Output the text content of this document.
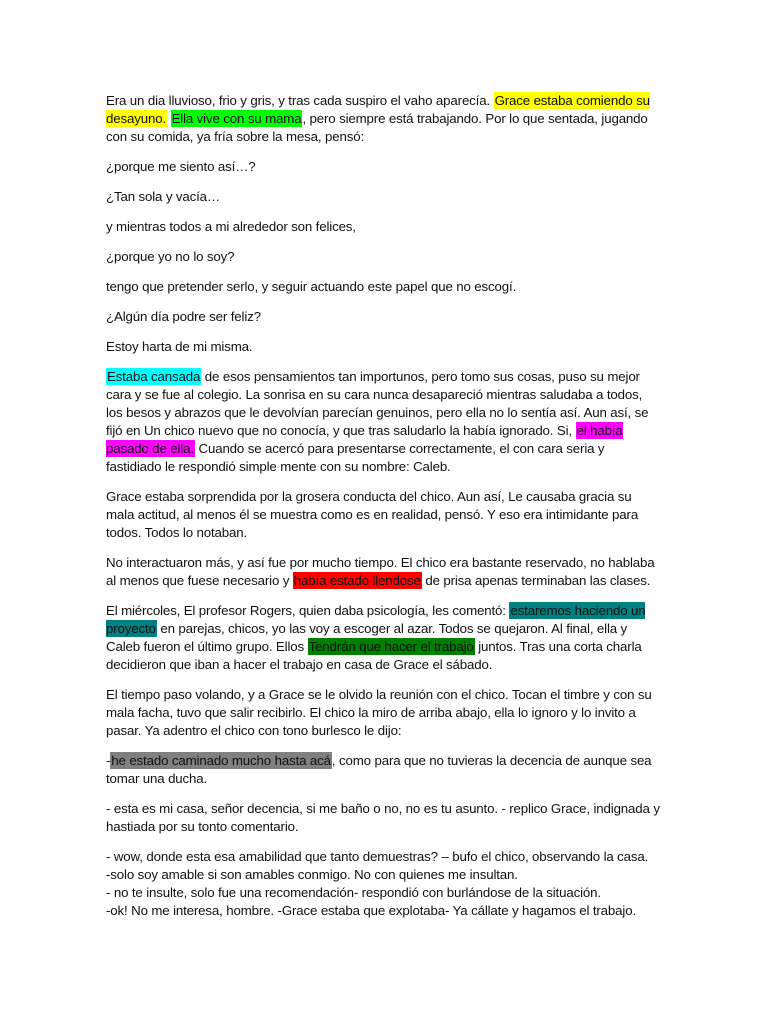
Era un dia lluvioso, frio y gris, y tras cada suspiro el vaho aparecía. Grace estaba comiendo su desayuno. Ella vive con su mama, pero siempre está trabajando. Por lo que sentada, jugando con su comida, ya fría sobre la mesa, pensó:

¿porque me siento así…?

¿Tan sola y vacía…

y mientras todos a mi alrededor son felices,

¿porque yo no lo soy?

tengo que pretender serlo, y seguir actuando este papel que no escogí.

¿Algún día podre ser feliz?

Estoy harta de mi misma.

Estaba cansada de esos pensamientos tan importunos, pero tomo sus cosas, puso su mejor cara y se fue al colegio. La sonrisa en su cara nunca desapareció mientras saludaba a todos, los besos y abrazos que le devolvían parecían genuinos, pero ella no lo sentía así. Aun así, se fijó en Un chico nuevo que no conocía, y que tras saludarlo la había ignorado. Si, el había pasado de ella. Cuando se acercó para presentarse correctamente, el con cara seria y fastidiado le respondió simple mente con su nombre: Caleb.

Grace estaba sorprendida por la grosera conducta del chico. Aun así, Le causaba gracia su mala actitud, al menos él se muestra como es en realidad, pensó. Y eso era intimidante para todos. Todos lo notaban.

No interactuaron más, y así fue por mucho tiempo. El chico era bastante reservado, no hablaba al menos que fuese necesario y había estado llendose de prisa apenas terminaban las clases.

El miércoles, El profesor Rogers, quien daba psicología, les comentó: estaremos haciendo un proyecto en parejas, chicos, yo las voy a escoger al azar. Todos se quejaron. Al final, ella y Caleb fueron el último grupo. Ellos Tendrán que hacer el trabajo juntos. Tras una corta charla decidieron que iban a hacer el trabajo en casa de Grace el sábado.

El tiempo paso volando, y a Grace se le olvido la reunión con el chico. Tocan el timbre y con su mala facha, tuvo que salir recibirlo. El chico la miro de arriba abajo, ella lo ignoro y lo invito a pasar. Ya adentro el chico con tono burlesco le dijo:

-he estado caminado mucho hasta acá, como para que no tuvieras la decencia de aunque sea tomar una ducha.

- esta es mi casa, señor decencia, si me baño o no, no es tu asunto. - replico Grace, indignada y hastiada por su tonto comentario.

- wow, donde esta esa amabilidad que tanto demuestras? – bufo el chico, observando la casa.

-solo soy amable si son amables conmigo. No con quienes me insultan.

- no te insulte, solo fue una recomendación- respondió con burlándose de la situación.

-ok! No me interesa, hombre. -Grace estaba que explotaba- Ya cállate y hagamos el trabajo.
